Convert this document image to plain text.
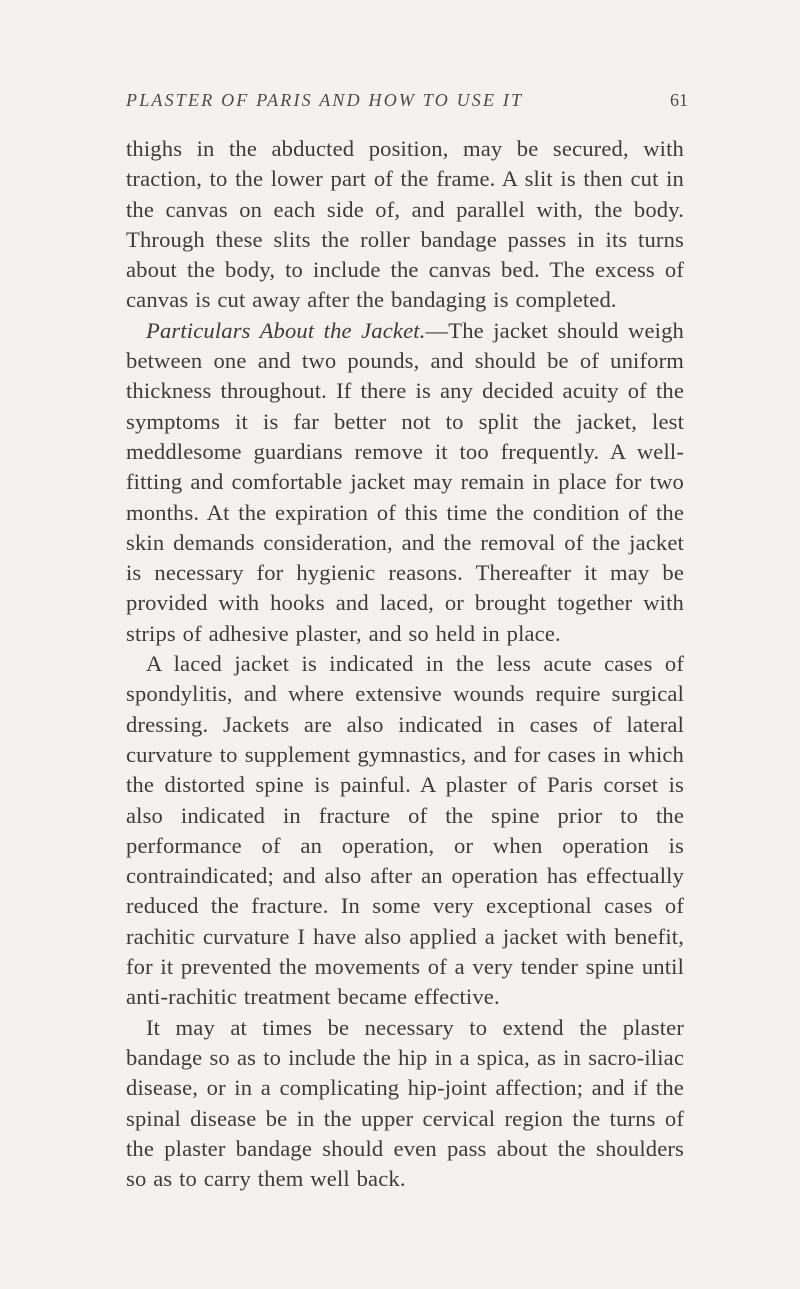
PLASTER OF PARIS AND HOW TO USE IT	61

thighs in the abducted position, may be secured, with traction, to the lower part of the frame. A slit is then cut in the canvas on each side of, and parallel with, the body. Through these slits the roller bandage passes in its turns about the body, to include the canvas bed. The excess of canvas is cut away after the bandaging is completed.

Particulars About the Jacket.—The jacket should weigh between one and two pounds, and should be of uniform thickness throughout. If there is any decided acuity of the symptoms it is far better not to split the jacket, lest meddlesome guardians remove it too frequently. A well-fitting and comfortable jacket may remain in place for two months. At the expiration of this time the condition of the skin demands consideration, and the removal of the jacket is necessary for hygienic reasons. Thereafter it may be provided with hooks and laced, or brought together with strips of adhesive plaster, and so held in place.

A laced jacket is indicated in the less acute cases of spondylitis, and where extensive wounds require surgical dressing. Jackets are also indicated in cases of lateral curvature to supplement gymnastics, and for cases in which the distorted spine is painful. A plaster of Paris corset is also indicated in fracture of the spine prior to the performance of an operation, or when operation is contraindicated; and also after an operation has effectually reduced the fracture. In some very exceptional cases of rachitic curvature I have also applied a jacket with benefit, for it prevented the movements of a very tender spine until anti-rachitic treatment became effective.

It may at times be necessary to extend the plaster bandage so as to include the hip in a spica, as in sacro-iliac disease, or in a complicating hip-joint affection; and if the spinal disease be in the upper cervical region the turns of the plaster bandage should even pass about the shoulders so as to carry them well back.
